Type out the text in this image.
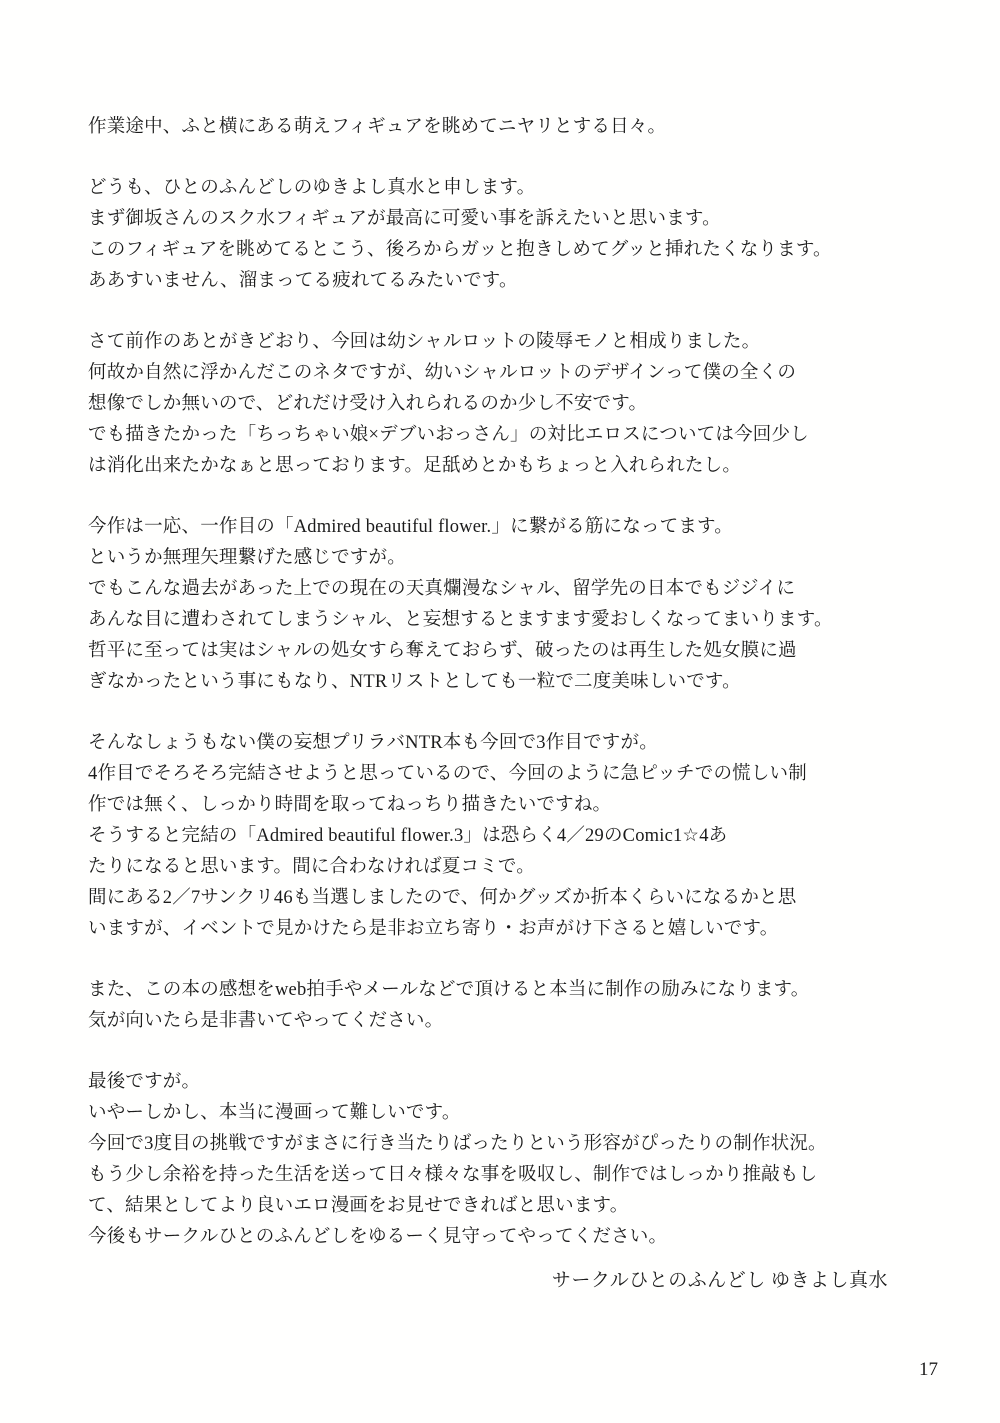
作業途中、ふと横にある萌えフィギュアを眺めてニヤリとする日々。
どうも、ひとのふんどしのゆきよし真水と申します。
まず御坂さんのスク水フィギュアが最高に可愛い事を訴えたいと思います。
このフィギュアを眺めてるとこう、後ろからガッと抱きしめてグッと挿れたくなります。
ああすいません、溜まってる疲れてるみたいです。
さて前作のあとがきどおり、今回は幼シャルロットの陵辱モノと相成りました。
何故か自然に浮かんだこのネタですが、幼いシャルロットのデザインって僕の全くの
想像でしか無いので、どれだけ受け入れられるのか少し不安です。
でも描きたかった「ちっちゃい娘×デブいおっさん」の対比エロスについては今回少し
は消化出来たかなぁと思っております。足舐めとかもちょっと入れられたし。
今作は一応、一作目の「Admired beautiful flower.」に繋がる筋になってます。
というか無理矢理繋げた感じですが。
でもこんな過去があった上での現在の天真爛漫なシャル、留学先の日本でもジジイに
あんな目に遭わされてしまうシャル、と妄想するとますます愛おしくなってまいります。
哲平に至っては実はシャルの処女すら奪えておらず、破ったのは再生した処女膜に過
ぎなかったという事にもなり、NTRリストとしても一粒で二度美味しいです。
そんなしょうもない僕の妄想プリラバNTR本も今回で3作目ですが。
4作目でそろそろ完結させようと思っているので、今回のように急ピッチでの慌しい制
作では無く、しっかり時間を取ってねっちり描きたいですね。
そうすると完結の「Admired beautiful flower.3」は恐らく4／29のComic1☆4あ
たりになると思います。間に合わなければ夏コミで。
間にある2／7サンクリ46も当選しましたので、何かグッズか折本くらいになるかと思
いますが、イベントで見かけたら是非お立ち寄り・お声がけ下さると嬉しいです。
また、この本の感想をweb拍手やメールなどで頂けると本当に制作の励みになります。
気が向いたら是非書いてやってください。
最後ですが。
いやーしかし、本当に漫画って難しいです。
今回で3度目の挑戦ですがまさに行き当たりばったりという形容がぴったりの制作状況。
もう少し余裕を持った生活を送って日々様々な事を吸収し、制作ではしっかり推敲もし
て、結果としてより良いエロ漫画をお見せできればと思います。
今後もサークルひとのふんどしをゆるーく見守ってやってください。
サークルひとのふんどし ゆきよし真水
17
